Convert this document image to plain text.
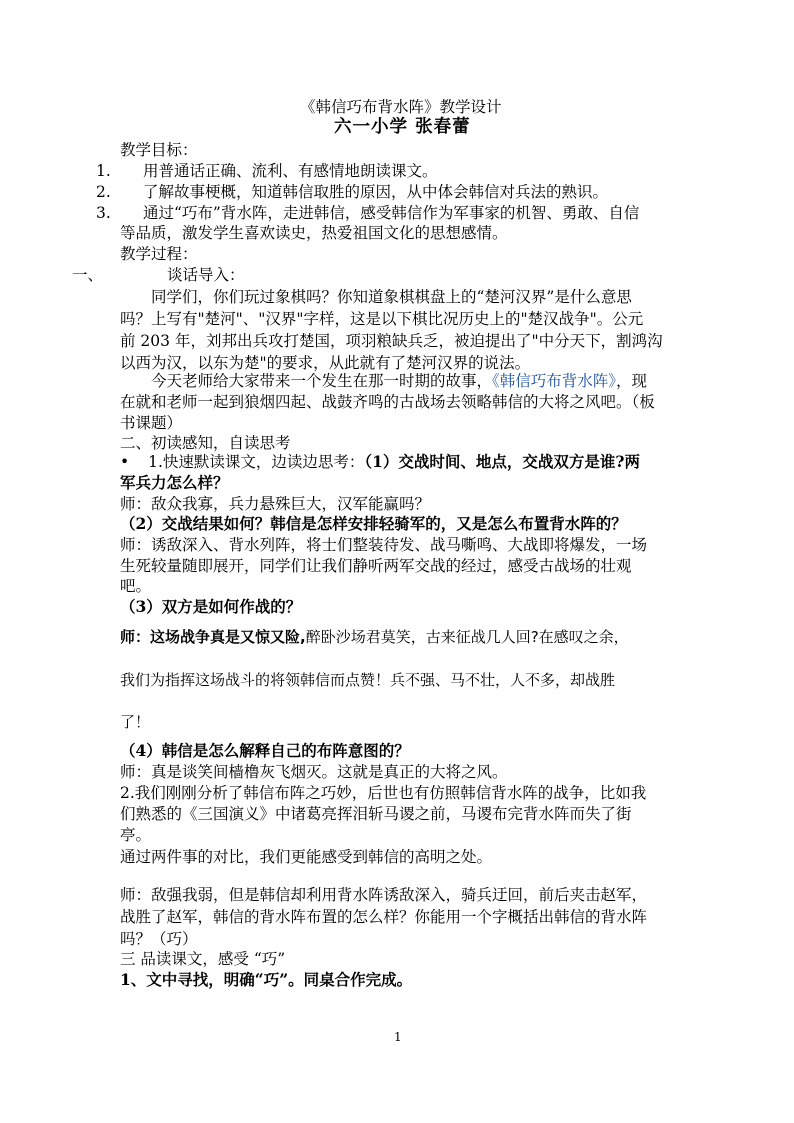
《韩信巧布背水阵》教学设计
六一小学 张春蕾
教学目标：
1. 用普通话正确、流利、有感情地朗读课文。
2. 了解故事梗概，知道韩信取胜的原因，从中体会韩信对兵法的熟识。
3. 通过“巧布”背水阵，走进韩信，感受韩信作为军事家的机智、勇敢、自信
等品质，激发学生喜欢读史，热爱祖国文化的思想感情。
教学过程：
一、	谈话导入：
同学们，你们玩过象棋吗？你知道象棋棋盘上的“楚河汉界”是什么意思
吗？上写有"楚河"、"汉界"字样，这是以下棋比况历史上的"楚汉战争"。公元
前 203 年，刘邦出兵攻打楚国，项羽粮缺兵乏，被迫提出了"中分天下，割鸿沟
以西为汉，以东为楚"的要求，从此就有了楚河汉界的说法。
今天老师给大家带来一个发生在那一时期的故事，《韩信巧布背水阵》，现
在就和老师一起到狼烟四起、战鼓齐鸣的古战场去领略韩信的大将之风吧。（板
书课题）
二、初读感知，自读思考
• 1.快速默读课文，边读边思考：（1）交战时间、地点，交战双方是谁?两
军兵力怎么样？
师：敌众我寡，兵力悬殊巨大，汉军能赢吗？
（2）交战结果如何？韩信是怎样安排轻骑军的，又是怎么布置背水阵的？
师：诱敌深入、背水列阵，将士们整装待发、战马嘶鸣、大战即将爆发，一场
生死较量随即展开，同学们让我们静听两军交战的经过，感受古战场的壮观
吧。
（3）双方是如何作战的？
师：这场战争真是又惊又险,醉卧沙场君莫笑，古来征战几人回?在感叹之余，
我们为指挥这场战斗的将领韩信而点赞！兵不强、马不壮，人不多，却战胜
了！
（4）韩信是怎么解释自己的布阵意图的？
师：真是谈笑间樯橹灰飞烟灭。这就是真正的大将之风。
2.我们刚刚分析了韩信布阵之巧妙，后世也有仿照韩信背水阵的战争，比如我
们熟悉的《三国演义》中诸葛亮挥泪斩马谡之前，马谡布完背水阵而失了街
亭。
通过两件事的对比，我们更能感受到韩信的高明之处。
师：敌强我弱，但是韩信却利用背水阵诱敌深入，骑兵迂回，前后夹击赵军，
战胜了赵军，韩信的背水阵布置的怎么样？你能用一个字概括出韩信的背水阵
吗？（巧）
三 品读课文，感受 “巧”
1、文中寻找，明确“巧”。同桌合作完成。
1
